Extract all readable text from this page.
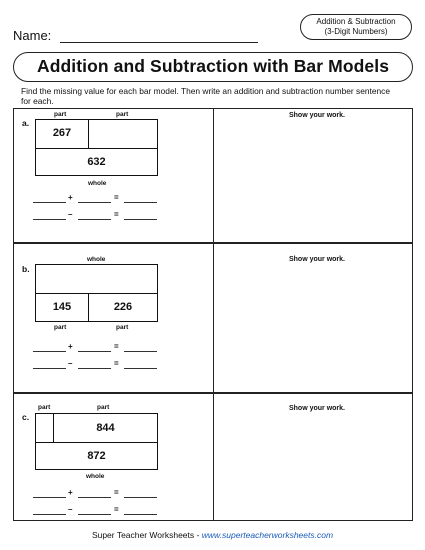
Name:
Addition & Subtraction
(3-Digit Numbers)
Addition and Subtraction with Bar Models
Find the missing value for each bar model. Then write an addition and subtraction number sentence for each.
Show your work.
Show your work.
Show your work.
a.
part	part
267
632
whole
+	=
–	=
b.
whole
145	226
part	part
+	=
–	=
c.
part	part
844
872
whole
+	=
–	=
Super Teacher Worksheets - www.superteacherworksheets.com
